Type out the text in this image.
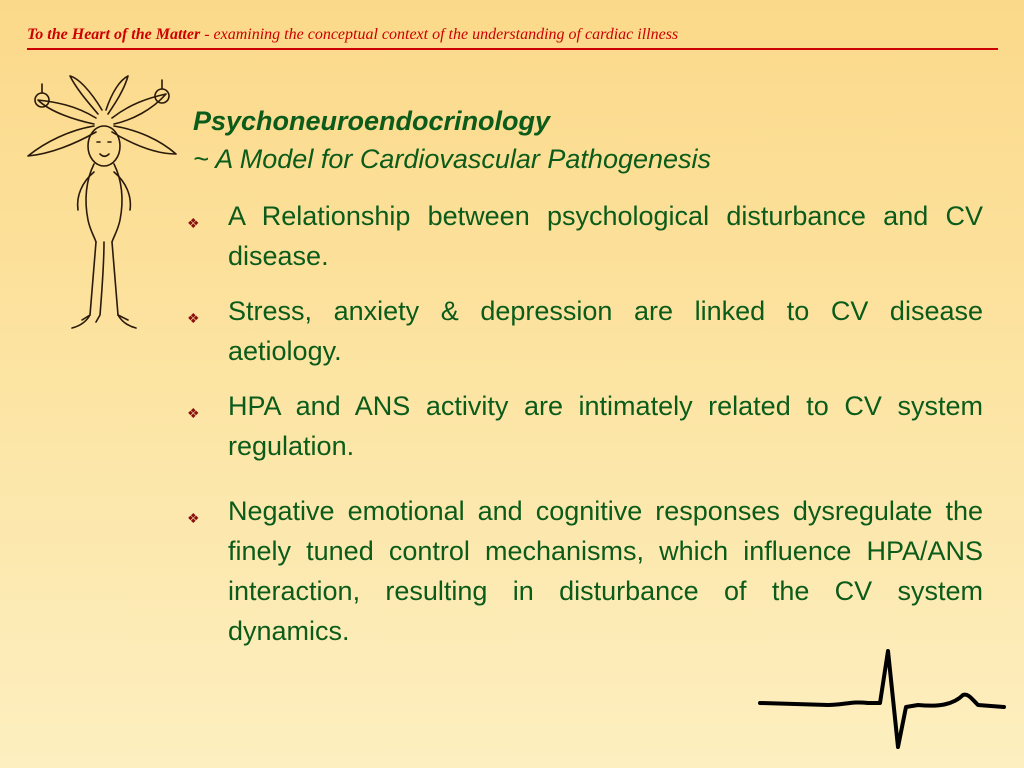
To the Heart of the Matter - examining the conceptual context of the understanding of cardiac illness
Psychoneuroendocrinology
~ A Model for Cardiovascular Pathogenesis
❖ A Relationship between psychological disturbance and CV disease.
❖ Stress, anxiety & depression are linked to CV disease aetiology.
❖ HPA and ANS activity are intimately related to CV system regulation.
❖ Negative emotional and cognitive responses dysregulate the finely tuned control mechanisms, which influence HPA/ANS interaction, resulting in disturbance of the CV system dynamics.
